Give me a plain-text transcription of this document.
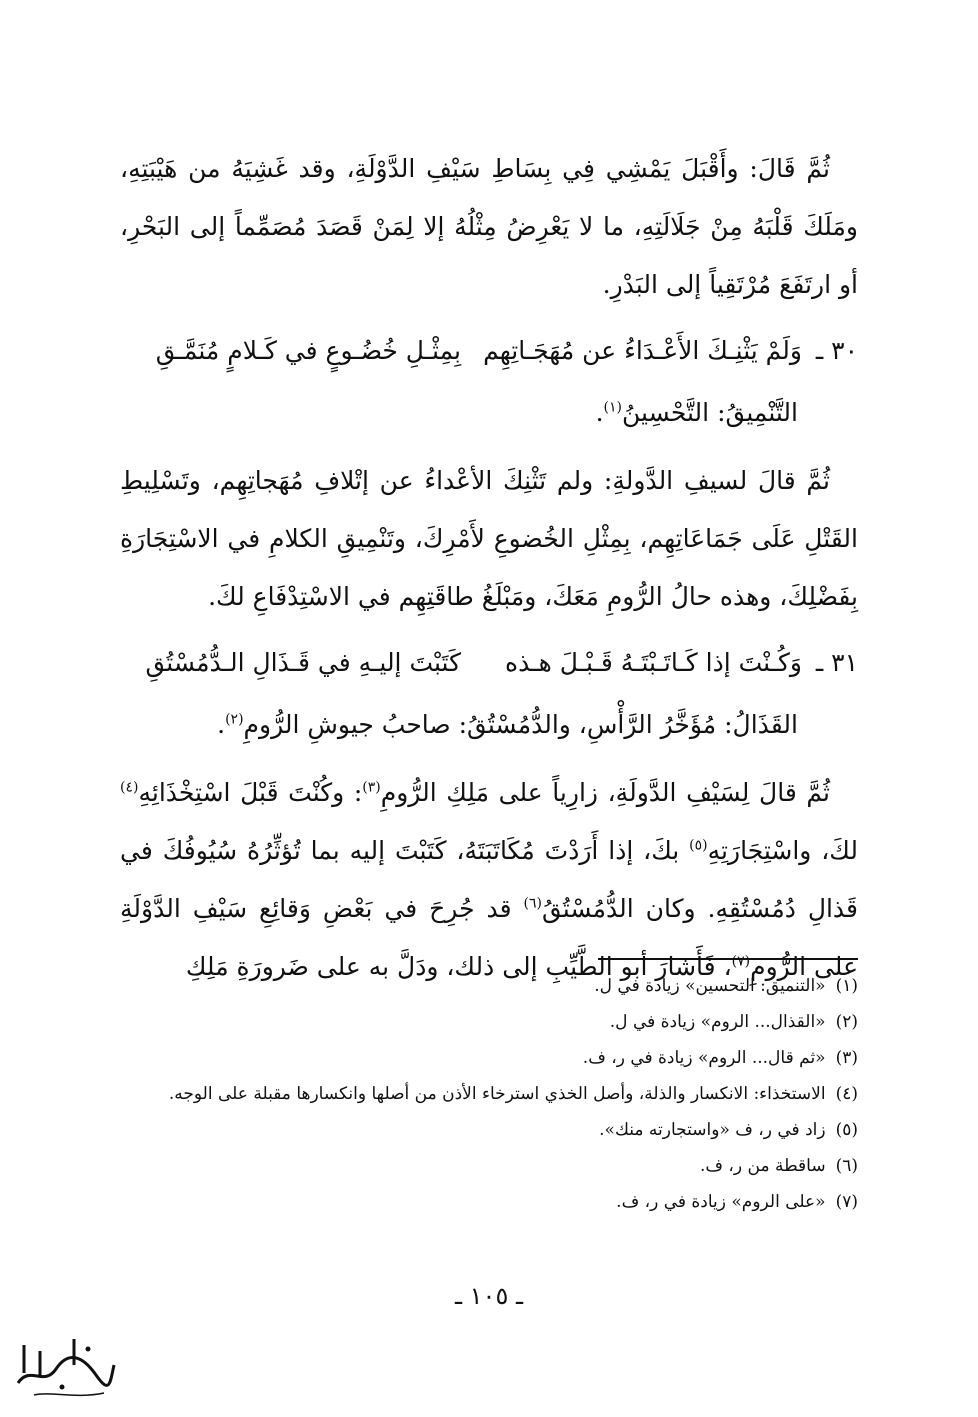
ثُمَّ قَالَ: وأَقْبَلَ يَمْشِي فِي بِسَاطِ سَيْفِ الدَّوْلَةِ، وقد غَشِيَهُ من هَيْبَتِهِ، ومَلَكَ قَلْبَهُ مِنْ جَلَالَتِهِ، ما لا يَعْرِضُ مِثْلُهُ إلا لِمَنْ قَصَدَ مُصَمِّماً إلى البَحْرِ، أو ارتَفَعَ مُرْتَقِياً إلى البَدْرِ.

٣٠ ـ
وَلَمْ يَثْنِـكَ الأَعْـدَاءُ عن مُهَجَـاتِهِم
بِمِثْـلِ خُضُـوعٍ في كَـلامٍ مُنَمَّـقِ

التَّنْمِيقُ: التَّحْسِينُ$^{(١)}$.

ثُمَّ قالَ لسيفِ الدَّولةِ: ولم تَثْنِكَ الأعْداءُ عن إتْلافِ مُهَجاتِهِم، وتَسْلِيطِ القَتْلِ عَلَى جَمَاعَاتِهِم، بِمِثْلِ الخُضوعِ لأَمْرِكَ، وتَنْمِيقِ الكلامِ في الاسْتِجَارَةِ بِفَضْلِكَ، وهذه حالُ الرُّومِ مَعَكَ، ومَبْلَغُ طاقَتِهِم في الاسْتِدْفَاعِ لكَ.

٣١ ـ
وَكُـنْتَ إذا كَـاتَـبْتَـهُ قَـبْـلَ هـذه
كَتَبْتَ إليـهِ في قَـذَالِ الـدُّمُسْتُقِ

القَذَالُ: مُؤَخَّرُ الرَّأْسِ، والدُّمُسْتُقُ: صاحبُ جيوشِ الرُّومِ$^{(٢)}$.

ثُمَّ قالَ لِسَيْفِ الدَّولَةِ، زارِياً على مَلِكِ الرُّومِ$^{(٣)}$: وكُنْتَ قَبْلَ اسْتِخْذَائِهِ$^{(٤)}$ لكَ، واسْتِجَارَتِهِ$^{(٥)}$ بكَ، إذا أَرَدْتَ مُكَاتَبَتَهُ، كَتَبْتَ إليه بما تُؤثِّرُهُ سُيُوفُكَ في قَذالِ دُمُسْتُقِهِ. وكان الدُّمُسْتُقُ$^{(٦)}$ قد جُرِحَ في بَعْضِ وَقائِعِ سَيْفِ الدَّوْلَةِ على الرُّومِ$^{(٧)}$، فَأَشارَ أبو الطَّيِّبِ إلى ذلك، ودَلَّ به على ضَرورَةِ مَلِكِ

(١)«التنميق: التحسين» زيادة في ل.

(٢)«القذال... الروم» زيادة في ل.

(٣)«ثم قال... الروم» زيادة في ر، ف.

(٤)الاستخذاء: الانكسار والذلة، وأصل الخذي استرخاء الأذن من أصلها وانكسارها مقبلة على الوجه.

(٥)زاد في ر، ف «واستجارته منك».

(٦)ساقطة من ر، ف.

(٧)«على الروم» زيادة في ر، ف.

ـ ١٠٥ ـ
